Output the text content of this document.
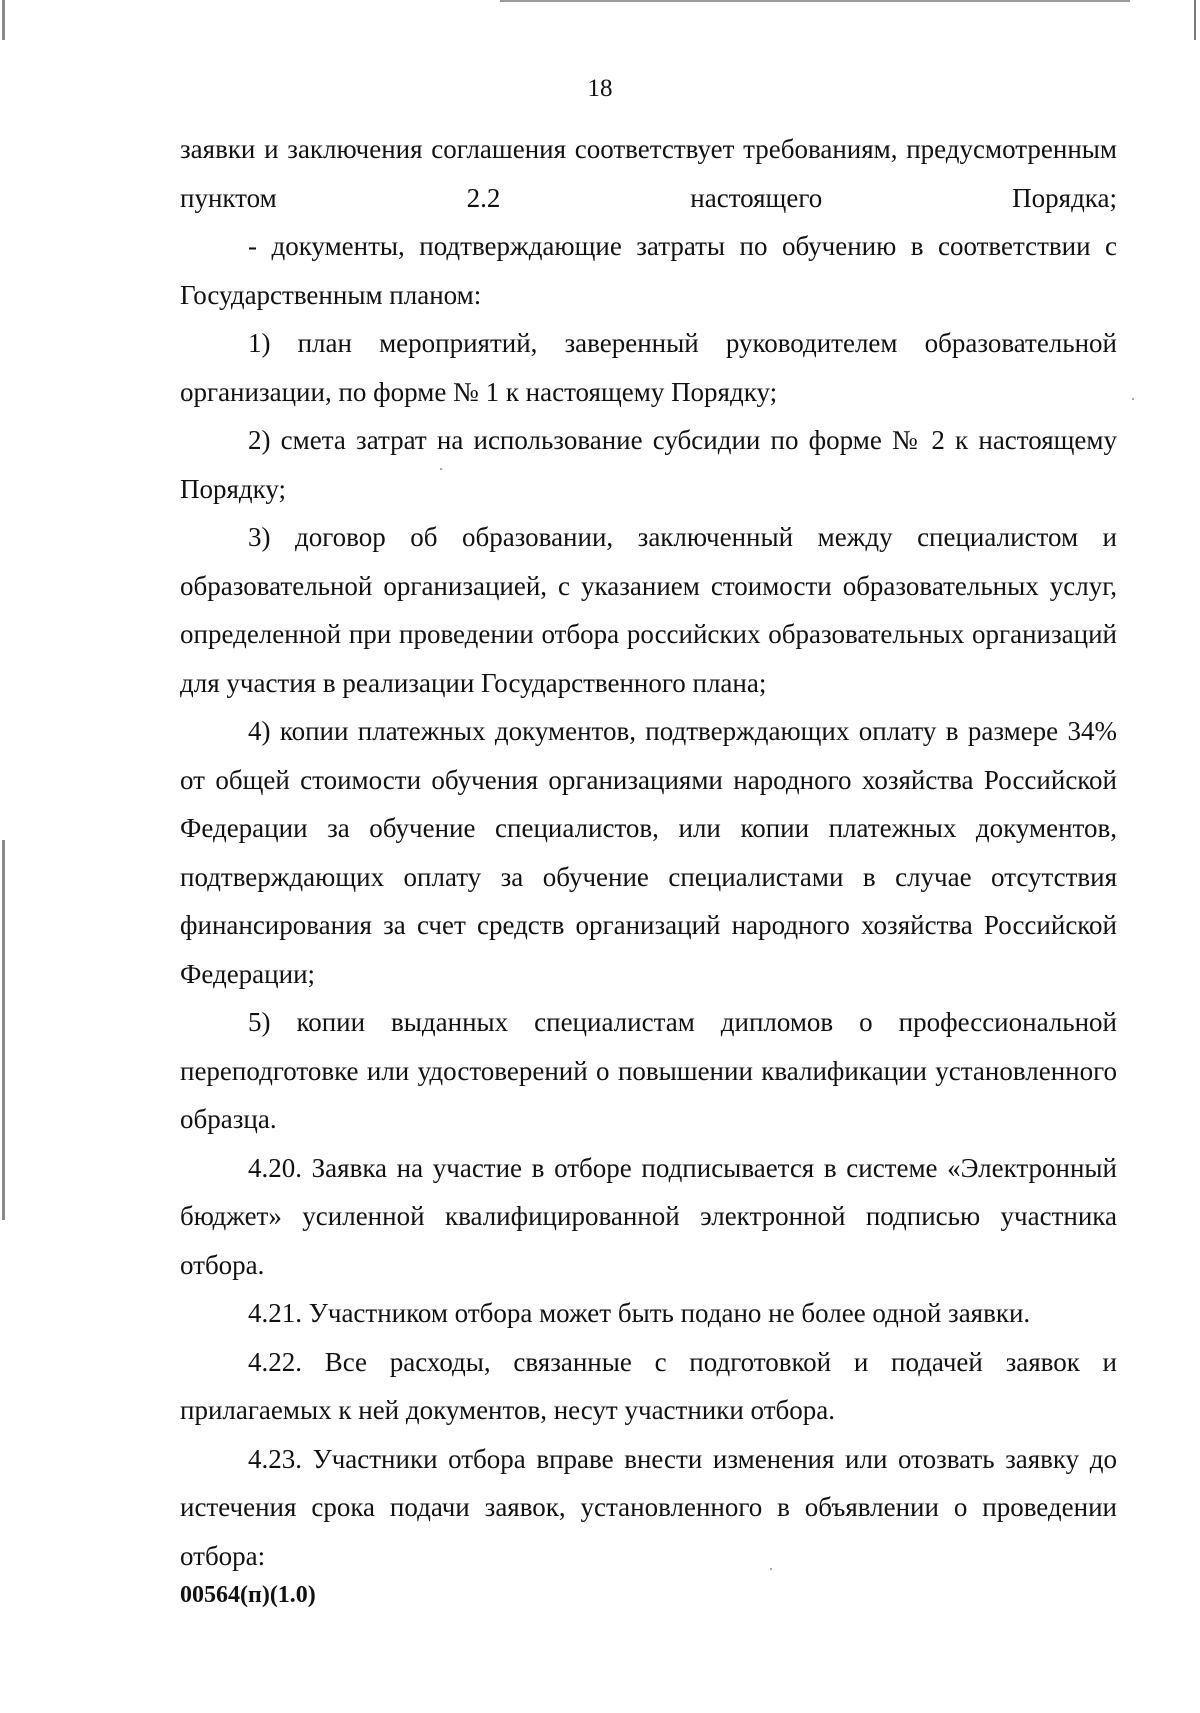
18

заявки и заключения соглашения соответствует требованиям, предусмотренным пунктом 2.2 настоящего Порядка;

- документы, подтверждающие затраты по обучению в соответствии с Государственным планом:

1) план мероприятий, заверенный руководителем образовательной организации, по форме № 1 к настоящему Порядку;

2) смета затрат на использование субсидии по форме № 2 к настоящему Порядку;

3) договор об образовании, заключенный между специалистом и образовательной организацией, с указанием стоимости образовательных услуг, определенной при проведении отбора российских образовательных организаций для участия в реализации Государственного плана;

4) копии платежных документов, подтверждающих оплату в размере 34% от общей стоимости обучения организациями народного хозяйства Российской Федерации за обучение специалистов, или копии платежных документов, подтверждающих оплату за обучение специалистами в случае отсутствия финансирования за счет средств организаций народного хозяйства Российской Федерации;

5) копии выданных специалистам дипломов о профессиональной переподготовке или удостоверений о повышении квалификации установленного образца.

4.20. Заявка на участие в отборе подписывается в системе «Электронный бюджет» усиленной квалифицированной электронной подписью участника отбора.

4.21. Участником отбора может быть подано не более одной заявки.

4.22. Все расходы, связанные с подготовкой и подачей заявок и прилагаемых к ней документов, несут участники отбора.

4.23. Участники отбора вправе внести изменения или отозвать заявку до истечения срока подачи заявок, установленного в объявлении о проведении отбора:

00564(п)(1.0)
